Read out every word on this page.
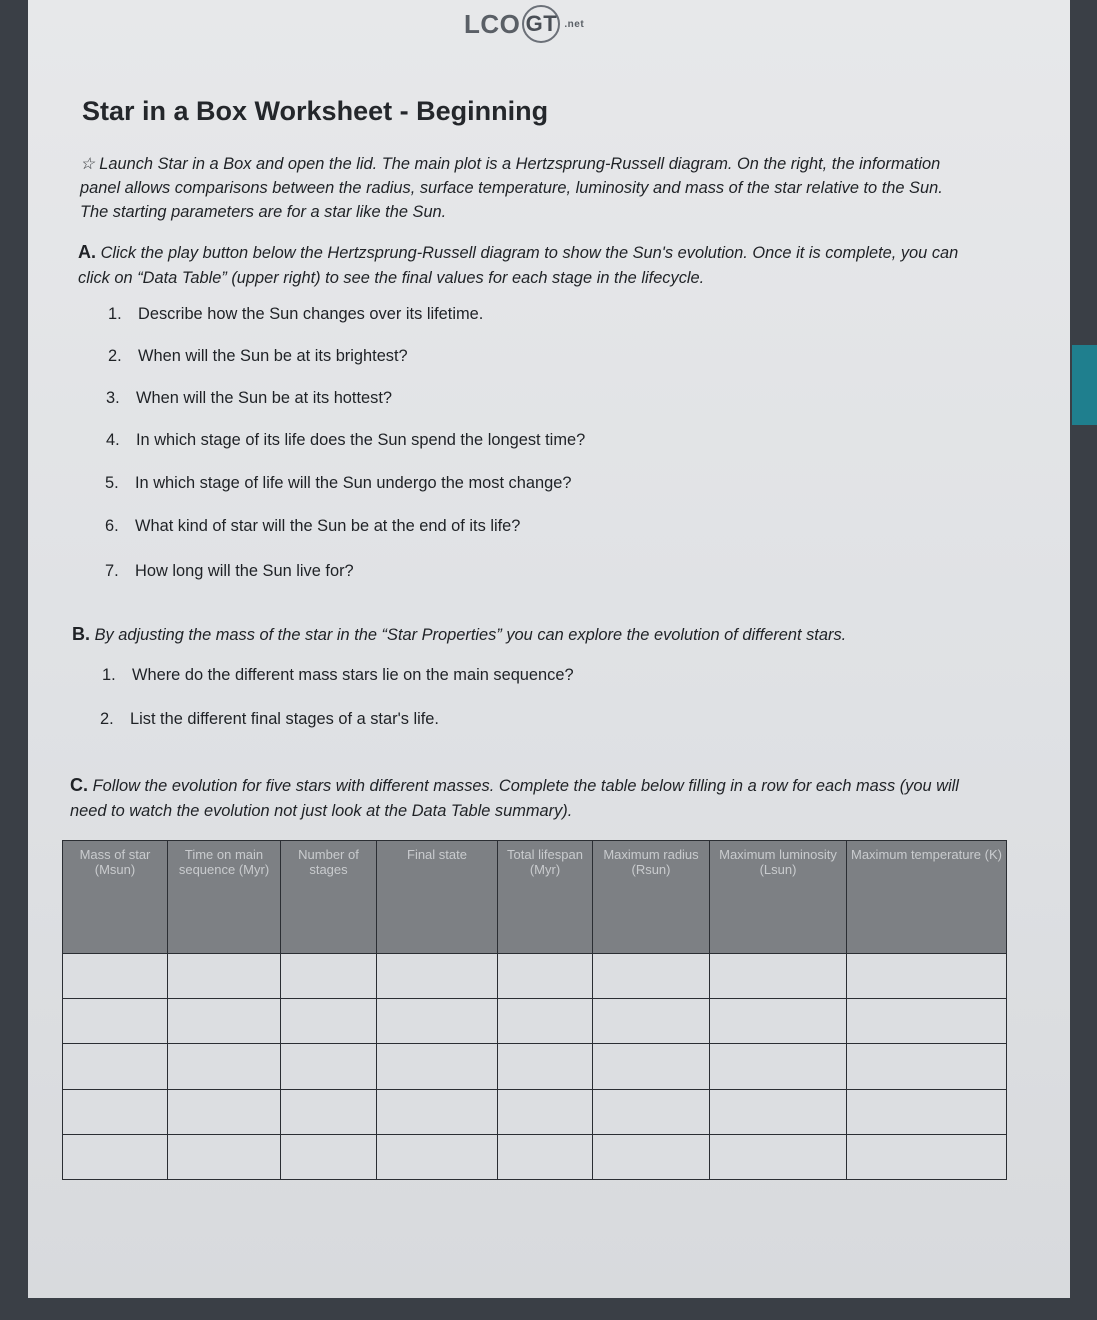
LCO GT .net
Star in a Box Worksheet - Beginning

☆ Launch Star in a Box and open the lid. The main plot is a Hertzsprung-Russell diagram. On the right, the information panel allows comparisons between the radius, surface temperature, luminosity and mass of the star relative to the Sun. The starting parameters are for a star like the Sun.

A. Click the play button below the Hertzsprung-Russell diagram to show the Sun's evolution. Once it is complete, you can click on “Data Table” (upper right) to see the final values for each stage in the lifecycle.

1. Describe how the Sun changes over its lifetime.

2. When will the Sun be at its brightest?

3. When will the Sun be at its hottest?

4. In which stage of its life does the Sun spend the longest time?

5. In which stage of life will the Sun undergo the most change?

6. What kind of star will the Sun be at the end of its life?

7. How long will the Sun live for?

B. By adjusting the mass of the star in the “Star Properties” you can explore the evolution of different stars.

1. Where do the different mass stars lie on the main sequence?

2. List the different final stages of a star's life.

C. Follow the evolution for five stars with different masses. Complete the table below filling in a row for each mass (you will need to watch the evolution not just look at the Data Table summary).

Mass of star (Msun)	Time on main sequence (Myr)	Number of stages	Final state	Total lifespan (Myr)	Maximum radius (Rsun)	Maximum luminosity (Lsun)	Maximum temperature (K)
